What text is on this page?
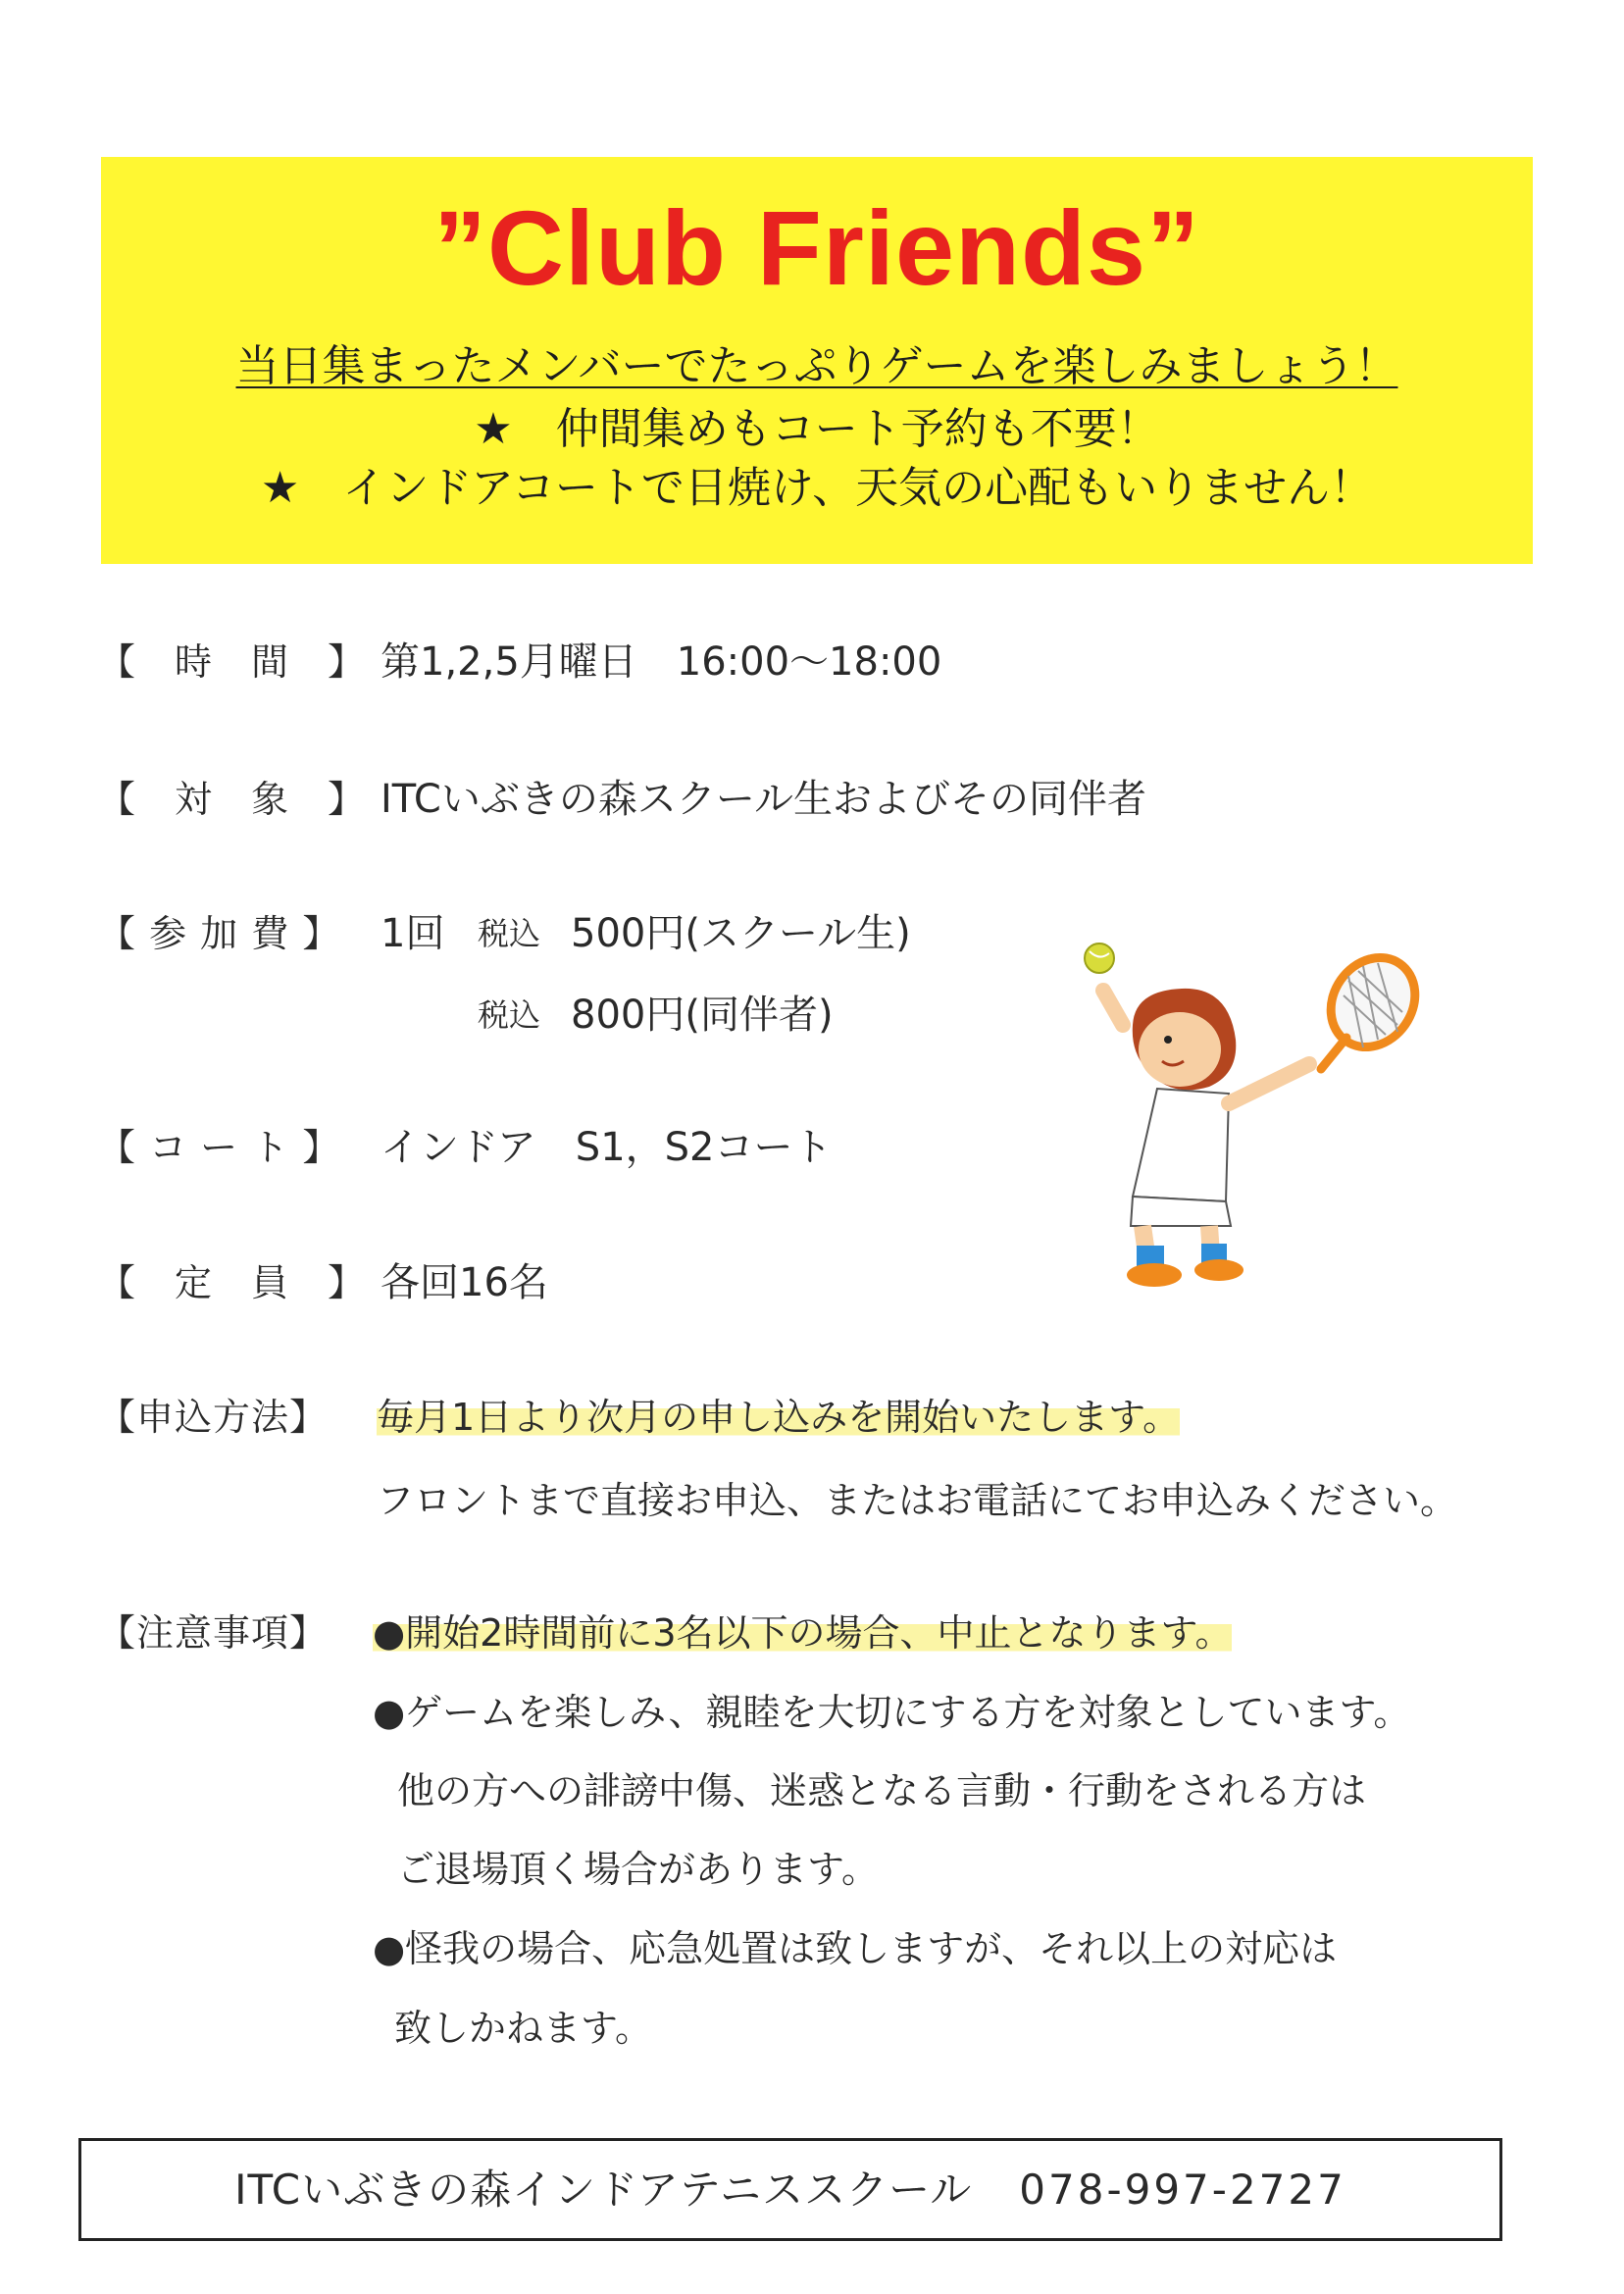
”Club Friends”
当日集まったメンバーでたっぷりゲームを楽しみましょう！
★　仲間集めもコート予約も不要！
★　インドアコートで日焼け、天気の心配もいりません！
【　時　間　】 第1,2,5月曜日　16:00～18:00
【　対　象　】 ITCいぶきの森スクール生およびその同伴者
【 参 加 費 】 1回 税込 500円(スクール生)
税込 800円(同伴者)
【 コ ー ト 】 インドア　S1，S2コート
【　定　員　】 各回16名
【申込方法】 毎月1日より次月の申し込みを開始いたします。
フロントまで直接お申込、またはお電話にてお申込みください。
【注意事項】 ●開始2時間前に3名以下の場合、中止となります。
●ゲームを楽しみ、親睦を大切にする方を対象としています。
他の方への誹謗中傷、迷惑となる言動・行動をされる方は
ご退場頂く場合があります。
●怪我の場合、応急処置は致しますが、それ以上の対応は
致しかねます。
ITCいぶきの森インドアテニススクール 078-997-2727
